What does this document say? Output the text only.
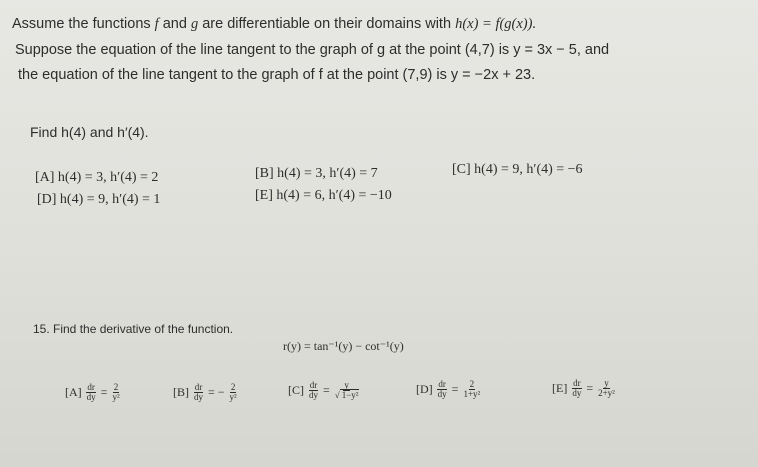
Assume the functions f and g are differentiable on their domains with h(x) = f(g(x)).
Suppose the equation of the line tangent to the graph of g at the point (4,7) is y = 3x − 5, and
the equation of the line tangent to the graph of f at the point (7,9) is y = −2x + 23.
Find h(4) and h′(4).
[A] h(4) = 3, h′(4) = 2	[B] h(4) = 3, h′(4) = 7	[C] h(4) = 9, h′(4) = −6
[D] h(4) = 9, h′(4) = 1	[E] h(4) = 6, h′(4) = −10
15. Find the derivative of the function.
r(y) = tan⁻¹(y) − cot⁻¹(y)
$[A] \frac{dr}{dy} = \frac{2}{\text{y²}}$	$[B] \frac{dr}{dy}$ = − $\frac{2}{\text{y²}}$	$[C] \frac{dr}{dy} = \frac{y}{\text{√ 1−y²}}$	$[D] \frac{dr}{dy} = \frac{2}{\text{1+y²}}$	$[E] \frac{dr}{dy} = \frac{y}{\text{2+y²}}$
